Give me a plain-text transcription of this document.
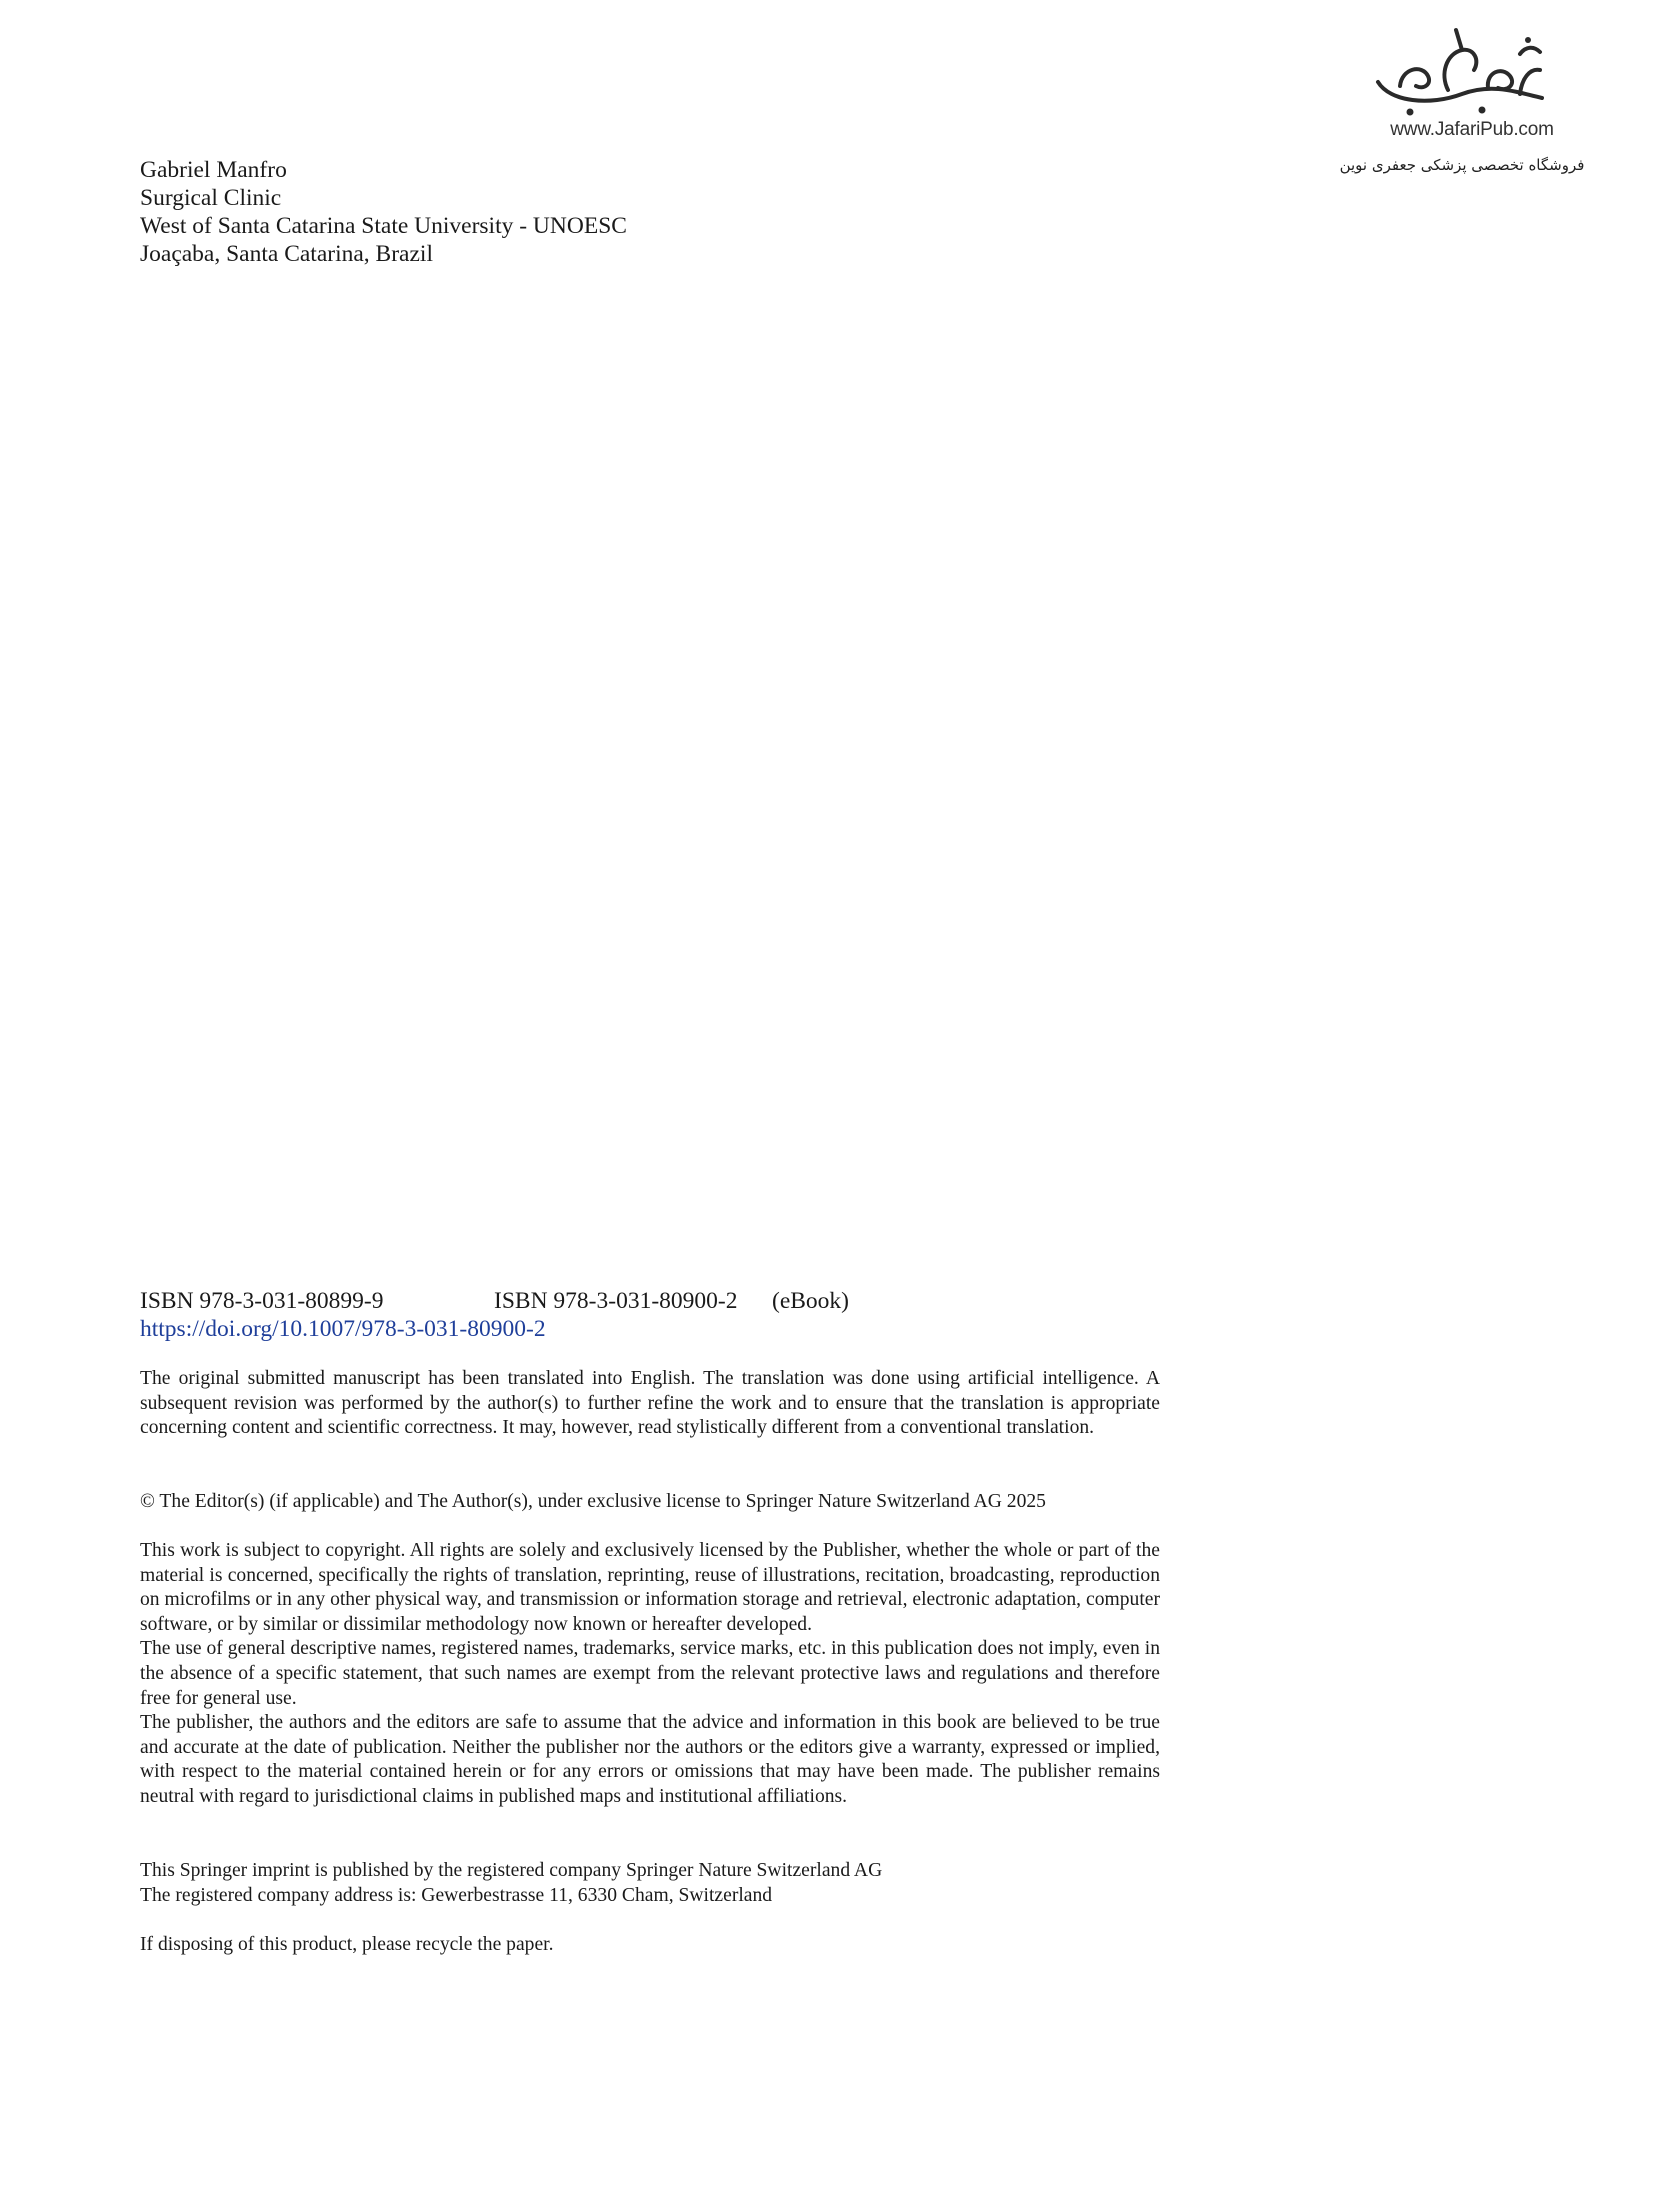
www.JafariPub.com
فروشگاه تخصصی پزشکی جعفری نوین
Gabriel Manfro
Surgical Clinic
West of Santa Catarina State University - UNOESC
Joaçaba, Santa Catarina, Brazil
ISBN 978-3-031-80899-9	ISBN 978-3-031-80900-2 (eBook)
https://doi.org/10.1007/978-3-031-80900-2

The original submitted manuscript has been translated into English. The translation was done using artificial intelligence. A subsequent revision was performed by the author(s) to further refine the work and to ensure that the translation is appropriate concerning content and scientific correctness. It may, however, read stylistically different from a conventional translation.

© The Editor(s) (if applicable) and The Author(s), under exclusive license to Springer Nature Switzerland AG 2025

This work is subject to copyright. All rights are solely and exclusively licensed by the Publisher, whether the whole or part of the material is concerned, specifically the rights of translation, reprinting, reuse of illustrations, recitation, broadcasting, reproduction on microfilms or in any other physical way, and transmission or information storage and retrieval, electronic adaptation, computer software, or by similar or dissimilar methodology now known or hereafter developed.

The use of general descriptive names, registered names, trademarks, service marks, etc. in this publication does not imply, even in the absence of a specific statement, that such names are exempt from the relevant protective laws and regulations and therefore free for general use.

The publisher, the authors and the editors are safe to assume that the advice and information in this book are believed to be true and accurate at the date of publication. Neither the publisher nor the authors or the editors give a warranty, expressed or implied, with respect to the material contained herein or for any errors or omissions that may have been made. The publisher remains neutral with regard to jurisdictional claims in published maps and institutional affiliations.

This Springer imprint is published by the registered company Springer Nature Switzerland AG

The registered company address is: Gewerbestrasse 11, 6330 Cham, Switzerland

If disposing of this product, please recycle the paper.
